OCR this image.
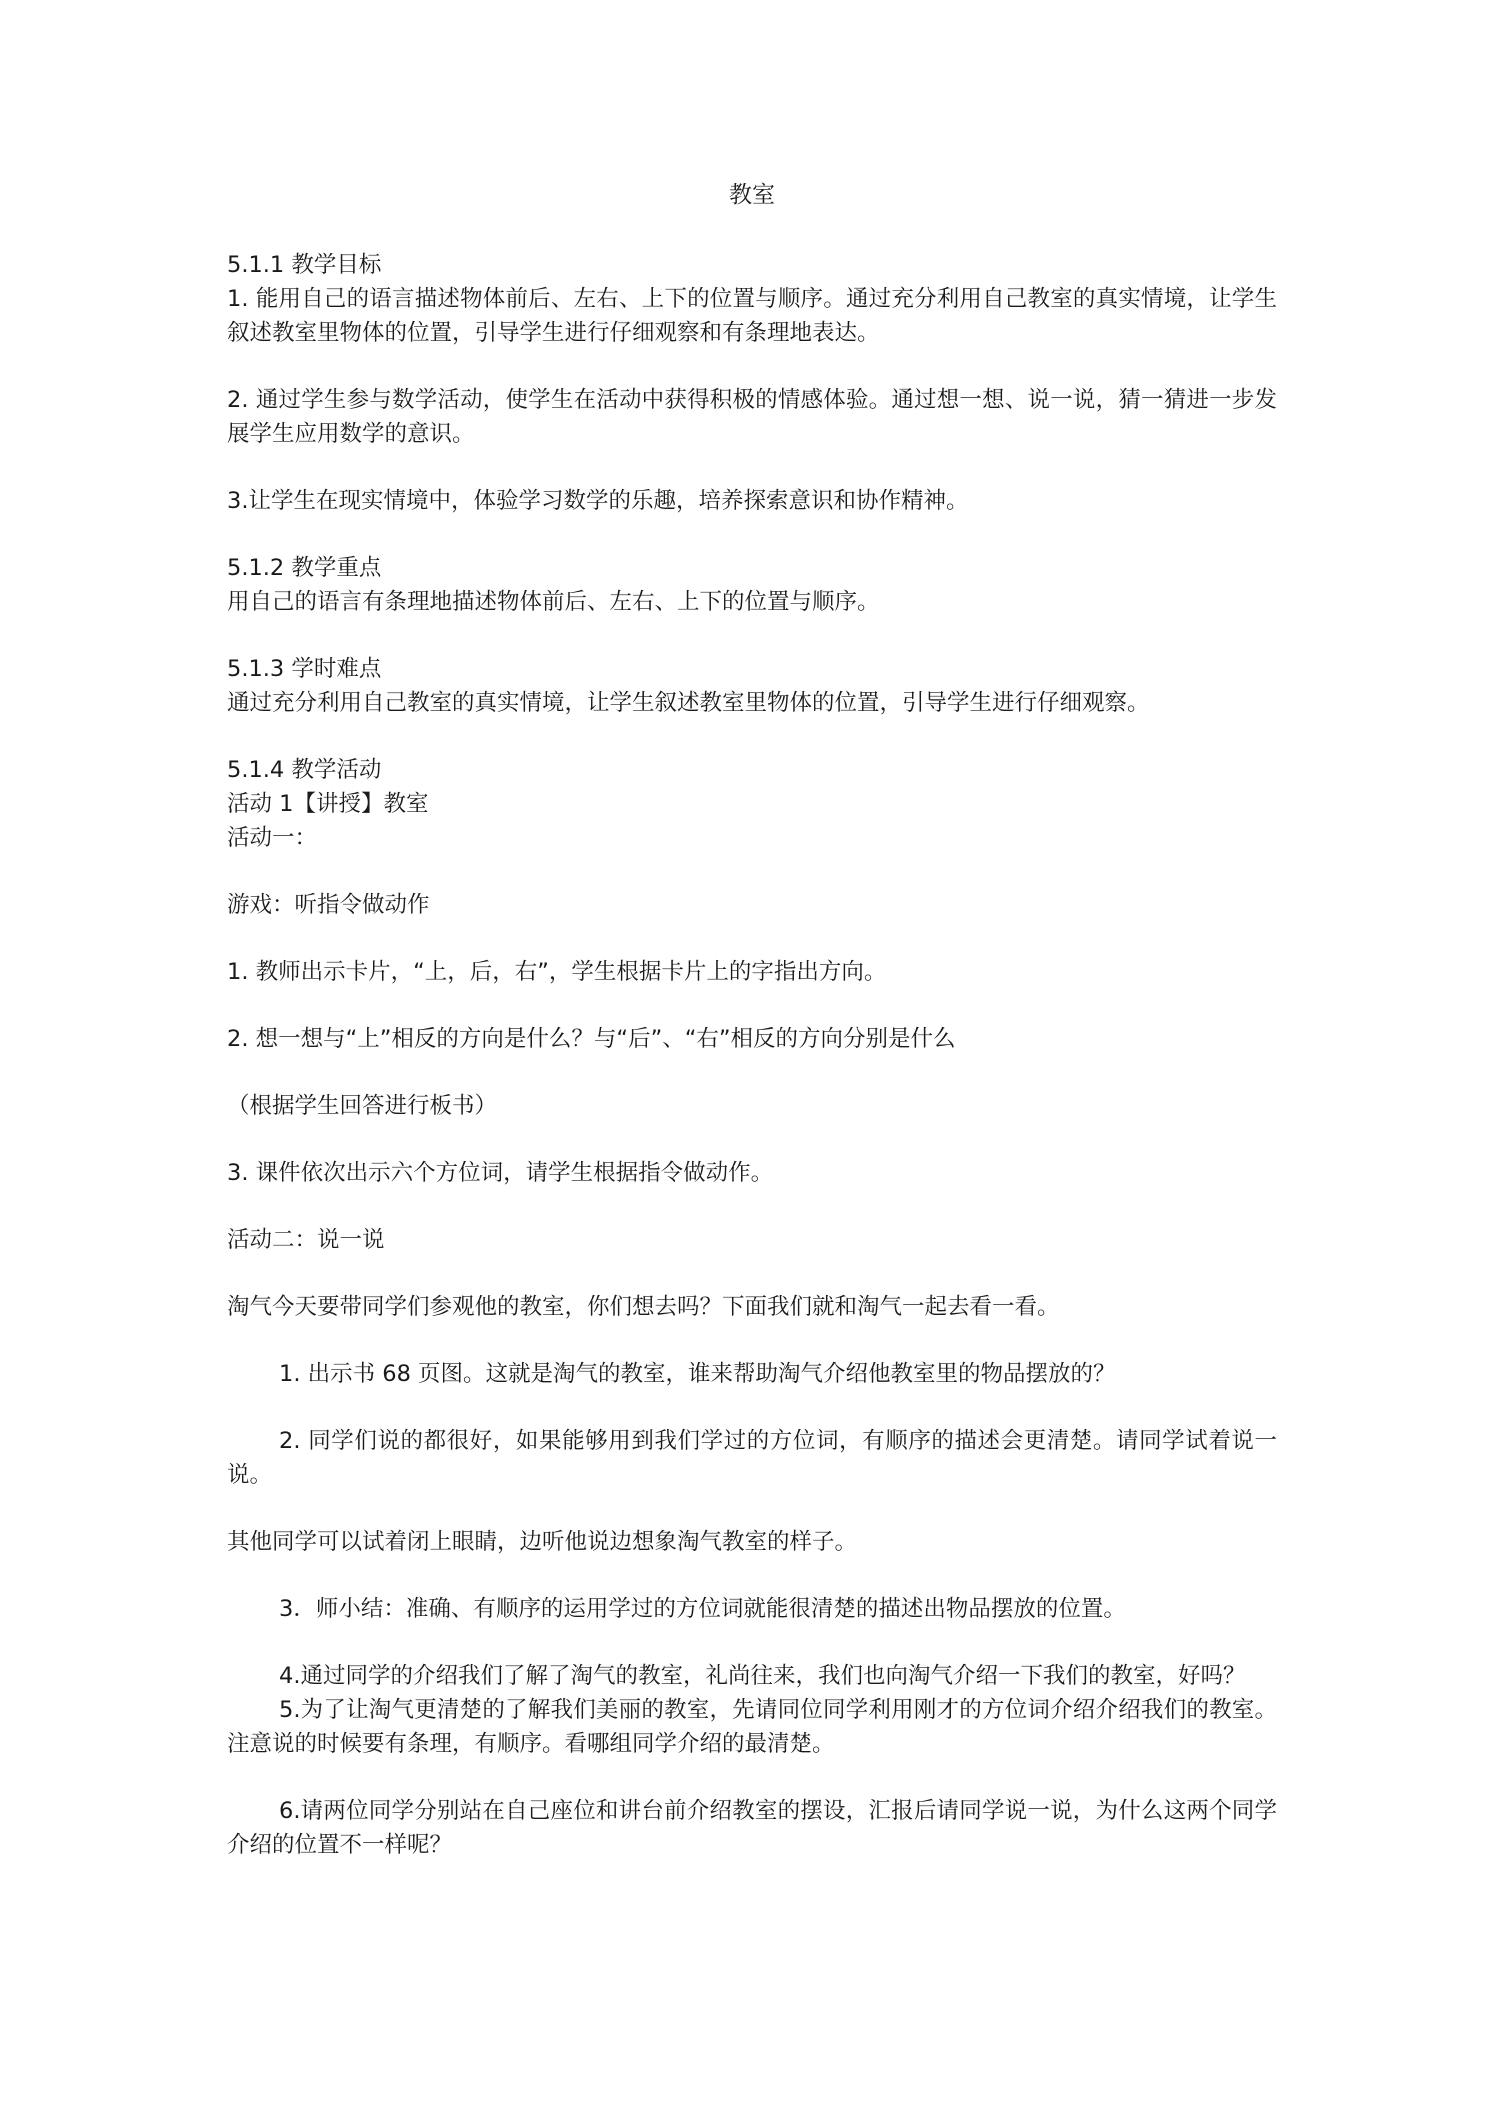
教室

5.1.1 教学目标

1. 能用自己的语言描述物体前后、左右、上下的位置与顺序。通过充分利用自己教室的真实情境，让学生叙述教室里物体的位置，引导学生进行仔细观察和有条理地表达。

2. 通过学生参与数学活动，使学生在活动中获得积极的情感体验。通过想一想、说一说，猜一猜进一步发展学生应用数学的意识。

3.让学生在现实情境中，体验学习数学的乐趣，培养探索意识和协作精神。

5.1.2 教学重点

用自己的语言有条理地描述物体前后、左右、上下的位置与顺序。

5.1.3 学时难点

通过充分利用自己教室的真实情境，让学生叙述教室里物体的位置，引导学生进行仔细观察。

5.1.4 教学活动

活动 1【讲授】教室

活动一：

游戏：听指令做动作

1. 教师出示卡片，“上，后，右”，学生根据卡片上的字指出方向。

2. 想一想与“上”相反的方向是什么？与“后”、“右”相反的方向分别是什么

（根据学生回答进行板书）

3. 课件依次出示六个方位词，请学生根据指令做动作。

活动二：说一说

淘气今天要带同学们参观他的教室，你们想去吗？下面我们就和淘气一起去看一看。

1. 出示书 68 页图。这就是淘气的教室，谁来帮助淘气介绍他教室里的物品摆放的？

2. 同学们说的都很好，如果能够用到我们学过的方位词，有顺序的描述会更清楚。请同学试着说一说。

其他同学可以试着闭上眼睛，边听他说边想象淘气教室的样子。

3．师小结：准确、有顺序的运用学过的方位词就能很清楚的描述出物品摆放的位置。

4.通过同学的介绍我们了解了淘气的教室，礼尚往来，我们也向淘气介绍一下我们的教室，好吗？

5.为了让淘气更清楚的了解我们美丽的教室，先请同位同学利用刚才的方位词介绍介绍我们的教室。注意说的时候要有条理，有顺序。看哪组同学介绍的最清楚。

6.请两位同学分别站在自己座位和讲台前介绍教室的摆设，汇报后请同学说一说，为什么这两个同学介绍的位置不一样呢？
